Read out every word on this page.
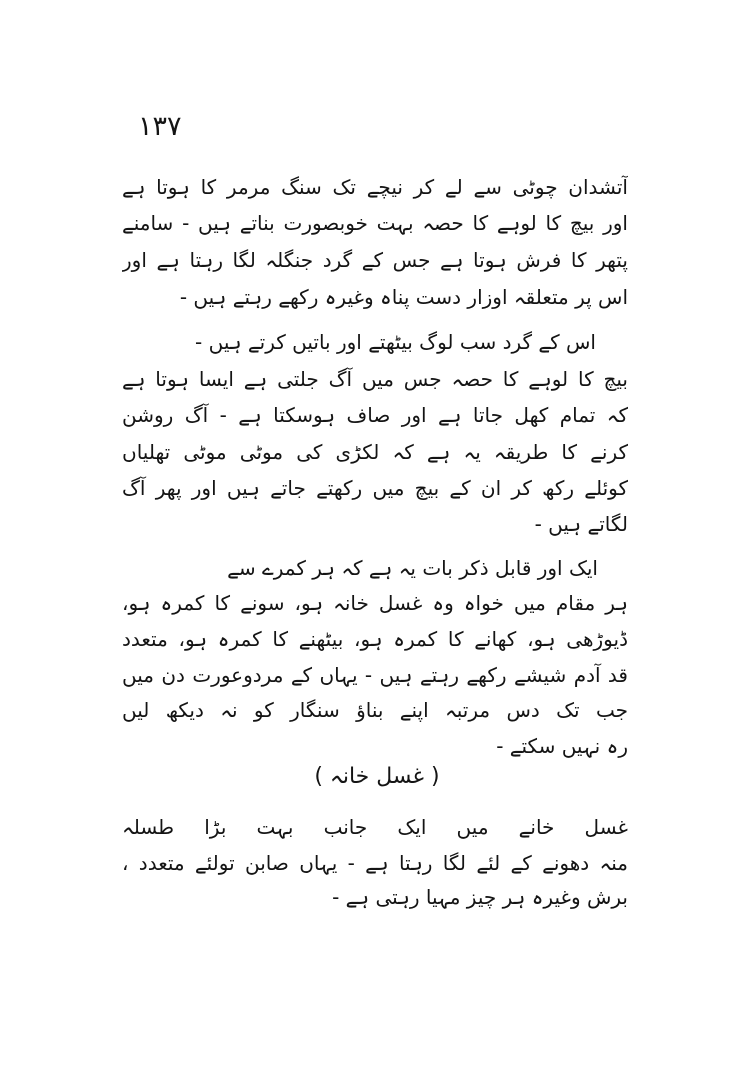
۱۳۷
آتشدان چوٹی سے لے کر نیچے تک سنگ مرمر کا ہوتا ہے
اور بیچ کا لوہے کا حصہ بہت خوبصورت بناتے ہیں - سامنے
پتھر کا فرش ہوتا ہے جس کے گرد جنگلہ لگا رہتا ہے اور
اس پر متعلقہ اوزار دست پناہ وغیرہ رکھے رہتے ہیں -
اس کے گرد سب لوگ بیٹھتے اور باتیں کرتے ہیں -
بیچ کا لوہے کا حصہ جس میں آگ جلتی ہے ایسا ہوتا ہے
کہ تمام کھل جاتا ہے اور صاف ہوسکتا ہے - آگ روشن
کرنے کا طریقہ یہ ہے کہ لکڑی کی موٹی موٹی تھلیاں
کوئلے رکھ کر ان کے بیچ میں رکھتے جاتے ہیں اور پھر آگ
لگاتے ہیں -
ایک اور قابل ذکر بات یہ ہے کہ ہر کمرے سے
ہر مقام میں خواہ وہ غسل خانہ ہو، سونے کا کمرہ ہو،
ڈیوڑھی ہو، کھانے کا کمرہ ہو، بیٹھنے کا کمرہ ہو، متعدد
قد آدم شیشے رکھے رہتے ہیں - یہاں کے مردوعورت دن میں
جب تک دس مرتبہ اپنے بناؤ سنگار کو نہ دیکھ لیں
رہ نہیں سکتے -
( غسل خانہ )
غسل خانے میں ایک جانب بہت بڑا طسلہ
منہ دھونے کے لئے لگا رہتا ہے - یہاں صابن تولئے متعدد ،
برش وغیرہ ہر چیز مہیا رہتی ہے -
